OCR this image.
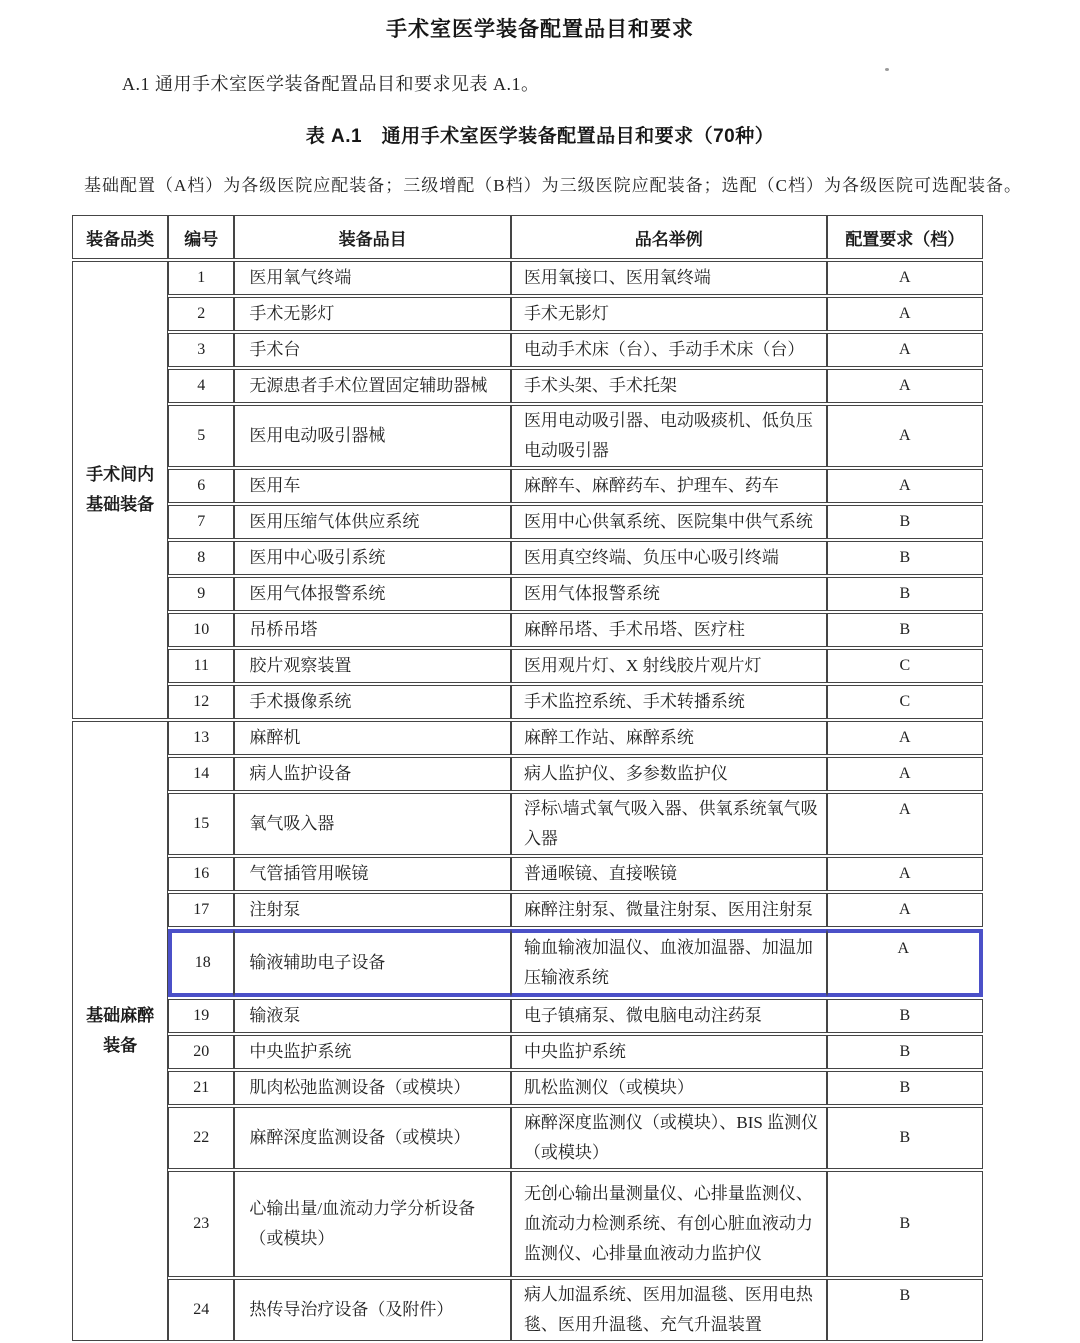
手术室医学装备配置品目和要求

A.1 通用手术室医学装备配置品目和要求见表 A.1。

表 A.1　通用手术室医学装备配置品目和要求（70种）

基础配置（A档）为各级医院应配装备；三级增配（B档）为三级医院应配装备；选配（C档）为各级医院可选配装备。

装备品类	编号	装备品目	品名举例	配置要求（档）

手术间内
基础装备	1	医用氧气终端	医用氧接口、医用氧终端	A
	2	手术无影灯	手术无影灯	A
	3	手术台	电动手术床（台）、手动手术床（台）	A
	4	无源患者手术位置固定辅助器械	手术头架、手术托架	A
	5	医用电动吸引器械	医用电动吸引器、电动吸痰机、低负压电动吸引器	A
	6	医用车	麻醉车、麻醉药车、护理车、药车	A
	7	医用压缩气体供应系统	医用中心供氧系统、医院集中供气系统	B
	8	医用中心吸引系统	医用真空终端、负压中心吸引终端	B
	9	医用气体报警系统	医用气体报警系统	B
	10	吊桥吊塔	麻醉吊塔、手术吊塔、医疗柱	B
	11	胶片观察装置	医用观片灯、X 射线胶片观片灯	C
	12	手术摄像系统	手术监控系统、手术转播系统	C

基础麻醉
装备	13	麻醉机	麻醉工作站、麻醉系统	A
	14	病人监护设备	病人监护仪、多参数监护仪	A
	15	氧气吸入器	浮标\墙式氧气吸入器、供氧系统氧气吸入器	A
	16	气管插管用喉镜	普通喉镜、直接喉镜	A
	17	注射泵	麻醉注射泵、微量注射泵、医用注射泵	A
	18	输液辅助电子设备	输血输液加温仪、血液加温器、加温加压输液系统	A
	19	输液泵	电子镇痛泵、微电脑电动注药泵	B
	20	中央监护系统	中央监护系统	B
	21	肌肉松弛监测设备（或模块）	肌松监测仪（或模块）	B
	22	麻醉深度监测设备（或模块）	麻醉深度监测仪（或模块）、BIS 监测仪（或模块）	B
	23	心输出量/血流动力学分析设备（或模块）	无创心输出量测量仪、心排量监测仪、血流动力检测系统、有创心脏血液动力监测仪、心排量血液动力监护仪	B
	24	热传导治疗设备（及附件）	病人加温系统、医用加温毯、医用电热毯、医用升温毯、充气升温装置	B
